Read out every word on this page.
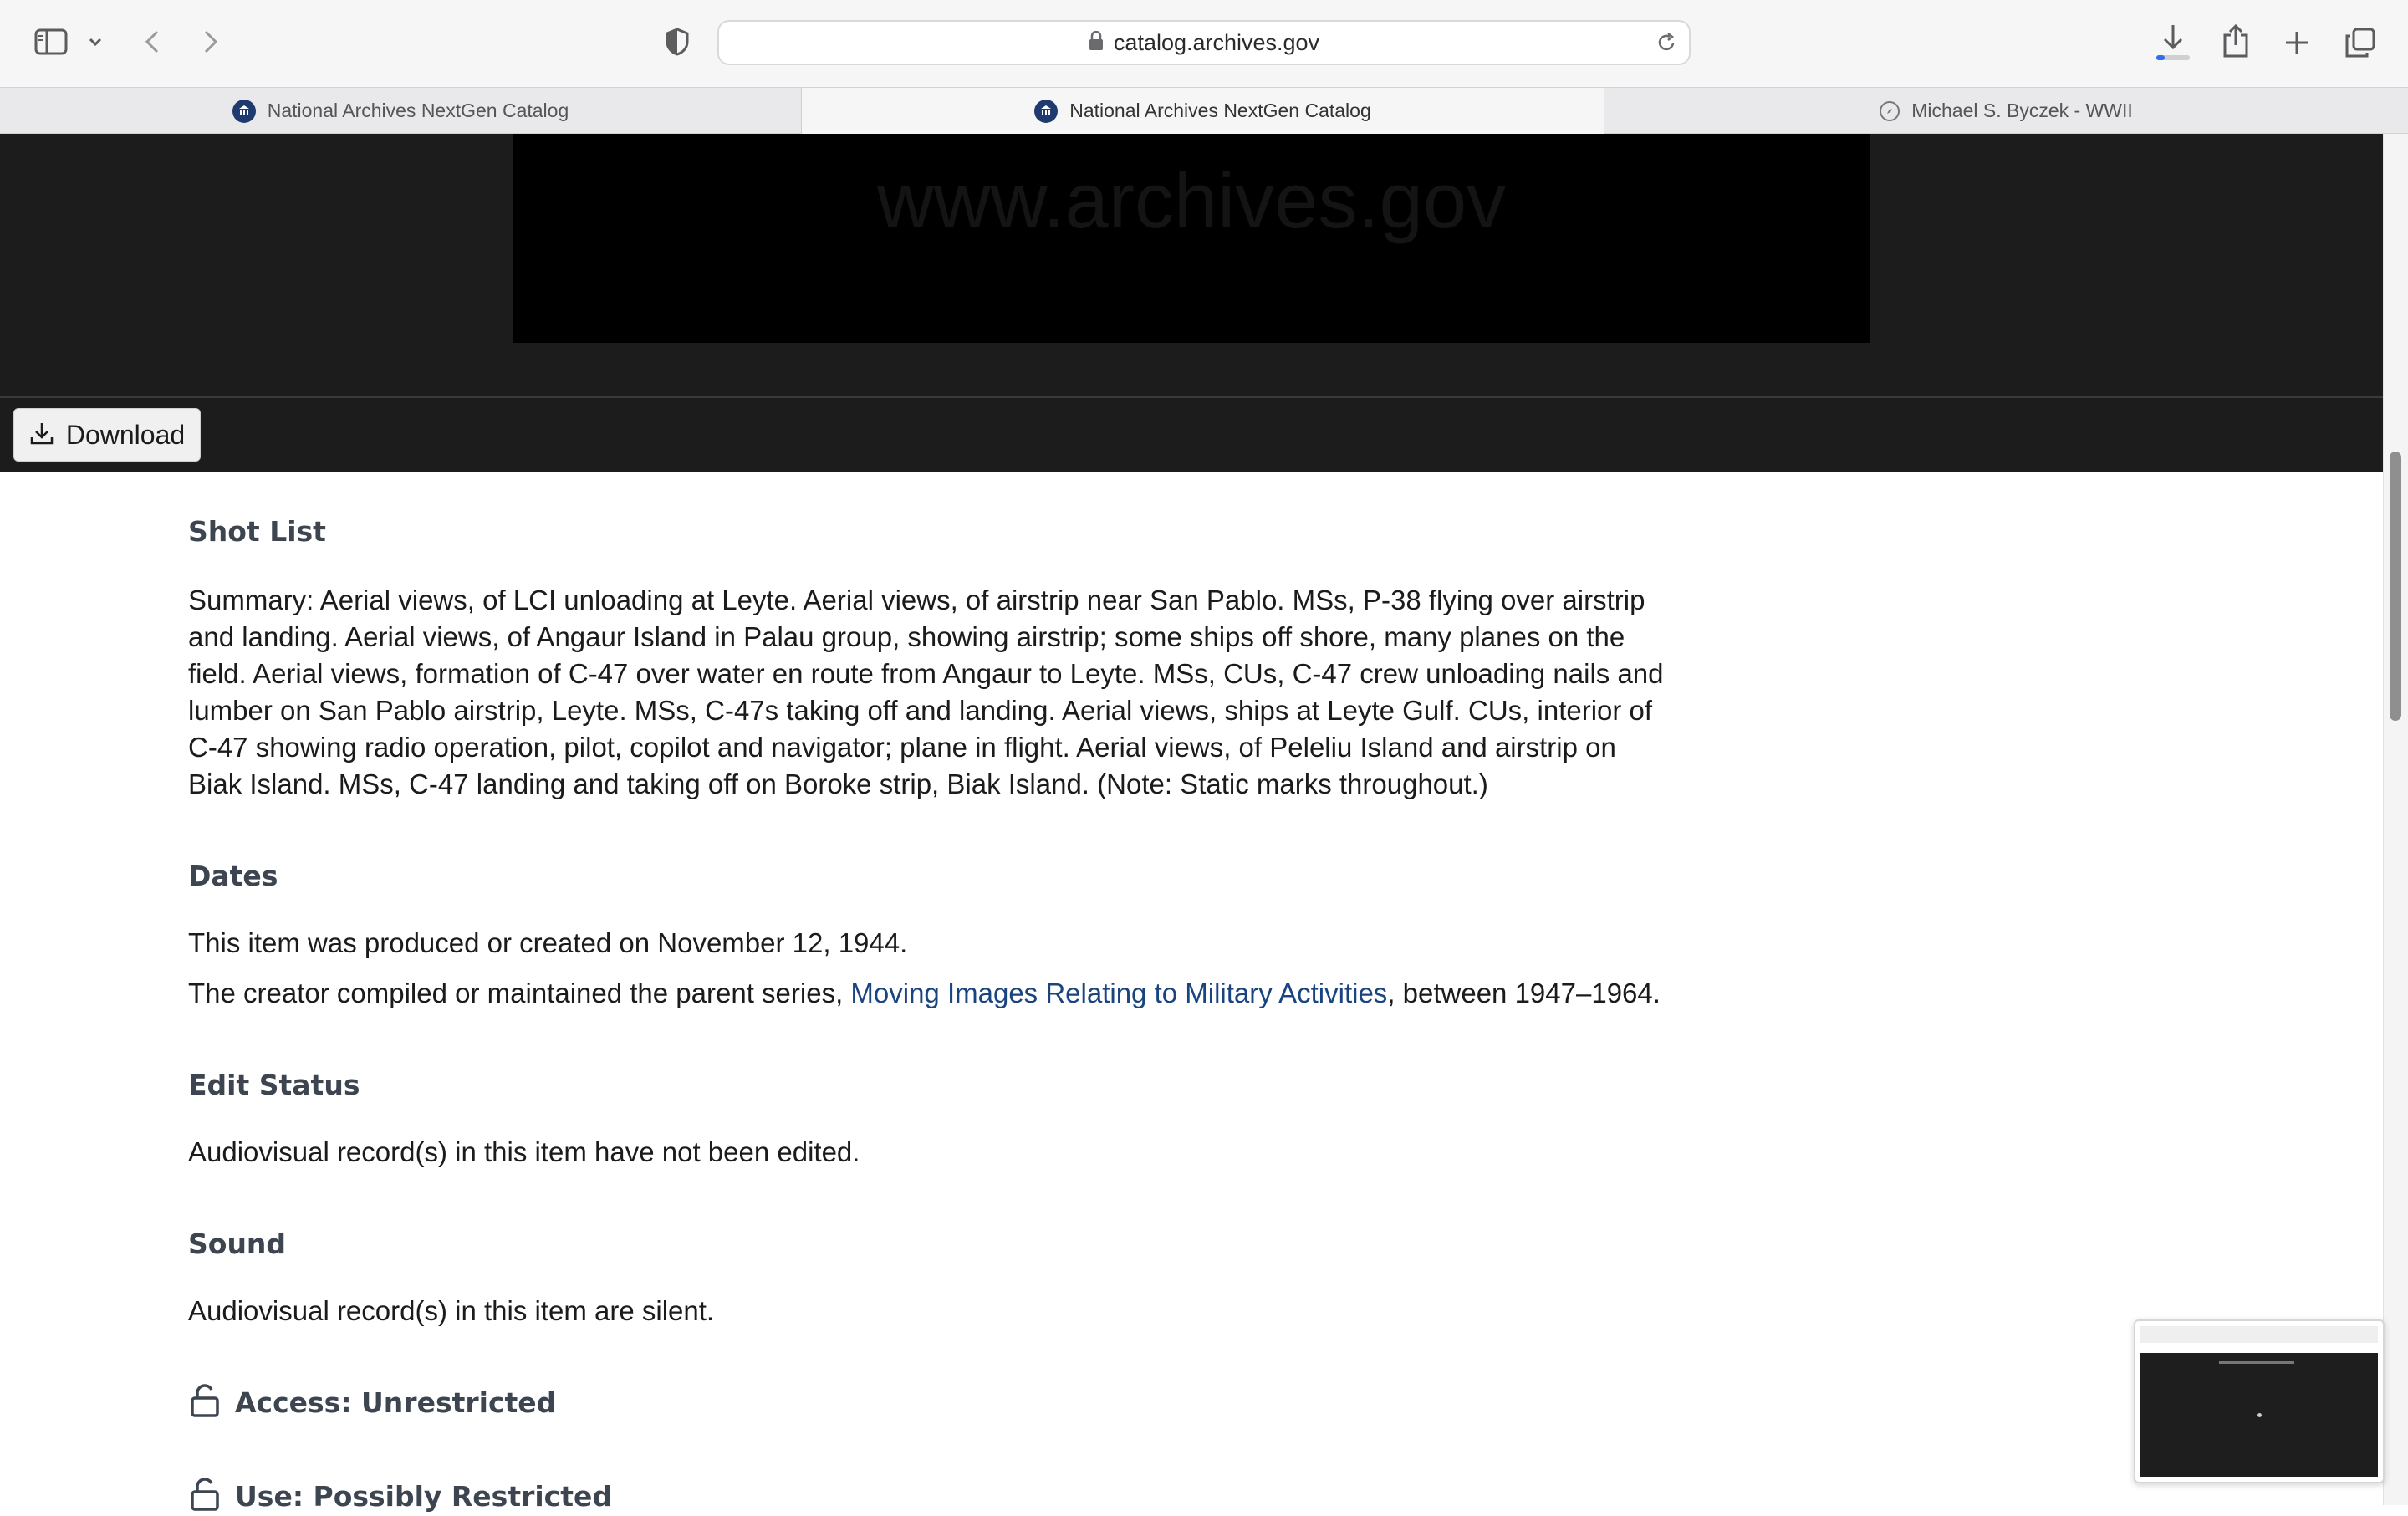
catalog.archives.gov
National Archives NextGen Catalog	National Archives NextGen Catalog	Michael S. Byczek - WWII
www.archives.gov
Download
Shot List

Summary: Aerial views, of LCI unloading at Leyte. Aerial views, of airstrip near San Pablo. MSs, P-38 flying over airstrip and landing. Aerial views, of Angaur Island in Palau group, showing airstrip; some ships off shore, many planes on the field. Aerial views, formation of C-47 over water en route from Angaur to Leyte. MSs, CUs, C-47 crew unloading nails and lumber on San Pablo airstrip, Leyte. MSs, C-47s taking off and landing. Aerial views, ships at Leyte Gulf. CUs, interior of C-47 showing radio operation, pilot, copilot and navigator; plane in flight. Aerial views, of Peleliu Island and airstrip on Biak Island. MSs, C-47 landing and taking off on Boroke strip, Biak Island. (Note: Static marks throughout.)

Dates

This item was produced or created on November 12, 1944.

The creator compiled or maintained the parent series, Moving Images Relating to Military Activities, between 1947–1964.

Edit Status

Audiovisual record(s) in this item have not been edited.

Sound

Audiovisual record(s) in this item are silent.

Access: Unrestricted
Use: Possibly Restricted
